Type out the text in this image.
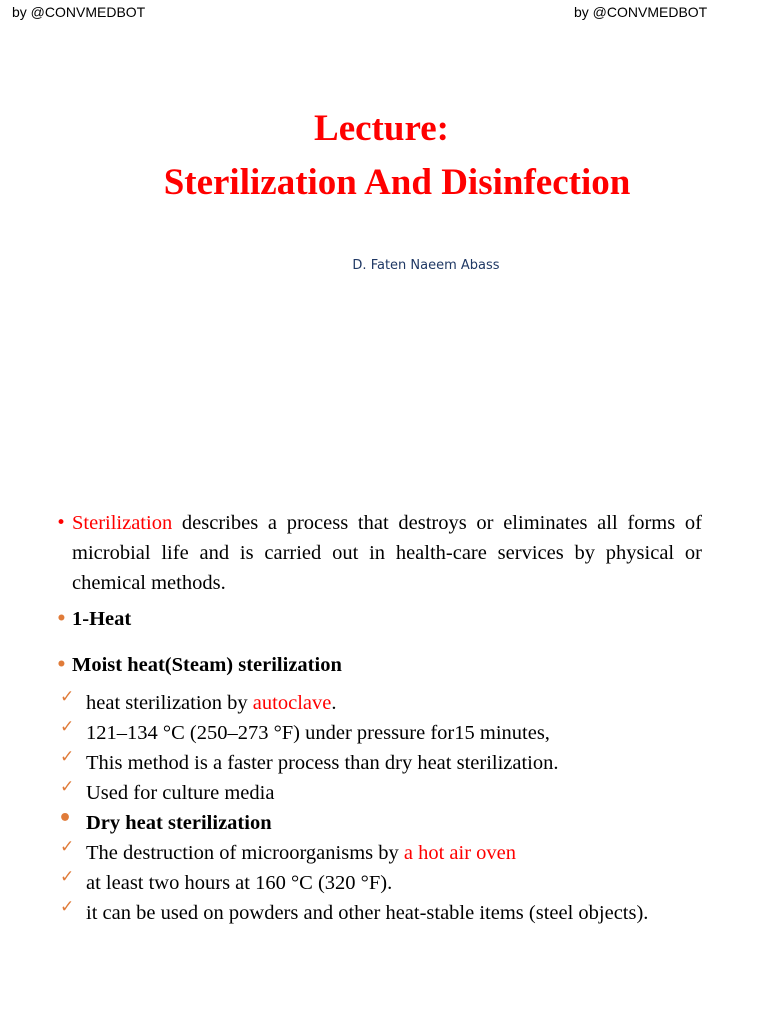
by @CONVMEDBOT	by @CONVMEDBOT
Lecture:
Sterilization And Disinfection
D. Faten Naeem Abass
• Sterilization describes a process that destroys or eliminates all forms of microbial life and is carried out in health-care services by physical or chemical methods.
• 1-Heat
• Moist heat(Steam) sterilization
✓ heat sterilization by autoclave.
✓ 121–134 °C (250–273 °F) under pressure for15 minutes,
✓ This method is a faster process than dry heat sterilization.
✓ Used for culture media
• Dry heat sterilization
✓ The destruction of microorganisms by a hot air oven
✓ at least two hours at 160 °C (320 °F).
✓ it can be used on powders and other heat-stable items (steel objects).
